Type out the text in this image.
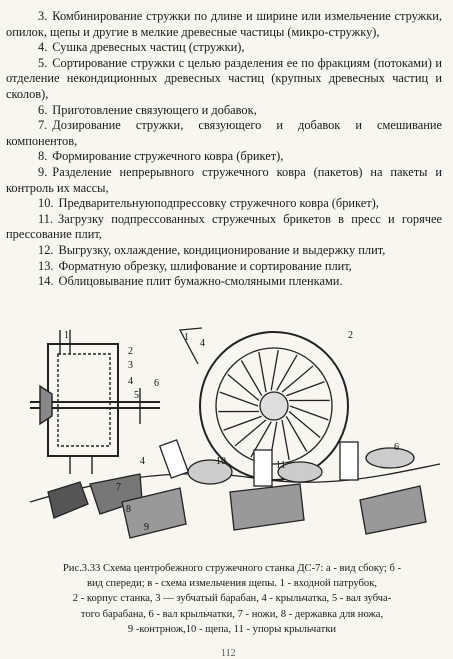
3. Комбинирование стружки по длине и ширине или измельчение стружки, опилок, щепы и другие в мелкие древесные частицы (микро-стружку),

4. Сушка древесных частиц (стружки),

5. Сортирование стружки с целью разделения ее по фракциям (потоками) и отделение некондиционных древесных частиц (крупных древесных частиц и сколов),

6. Приготовление связующего и добавок,

7. Дозирование стружки, связующего и добавок и смешивание компонентов,

8. Формирование стружечного ковра (брикет),

9. Разделение непрерывного стружечного ковра (пакетов) на пакеты и контроль их массы,

10. Предварительнуюподпрессовку стружечного ковра (брикет),

11. Загрузку подпрессованных стружечных брикетов в пресс и горячее прессование плит,

12. Выгрузку, охлаждение, кондиционирование и выдержку плит,

13. Форматную обрезку, шлифование и сортирование плит,

14. Облицовывание плит бумажно-смоляными пленками.

1
2
3
4
5
6
4
1	2
4	10	11
7
8
9
6
Рис.3.33 Схема центробежного стружечного станка ДС-7: а - вид сбоку; б -
вид спереди; в - схема измельчения щепы. 1 - входной патрубок,
2 - корпус станка, 3 — зубчатый барабан, 4 - крыльчатка, 5 - вал зубча-
того барабана, 6 - вал крыльчатки, 7 - ножи, 8 - державка для ножа,
9 -контрнож,10 - щепа, 11 - упоры крыльчатки
112
